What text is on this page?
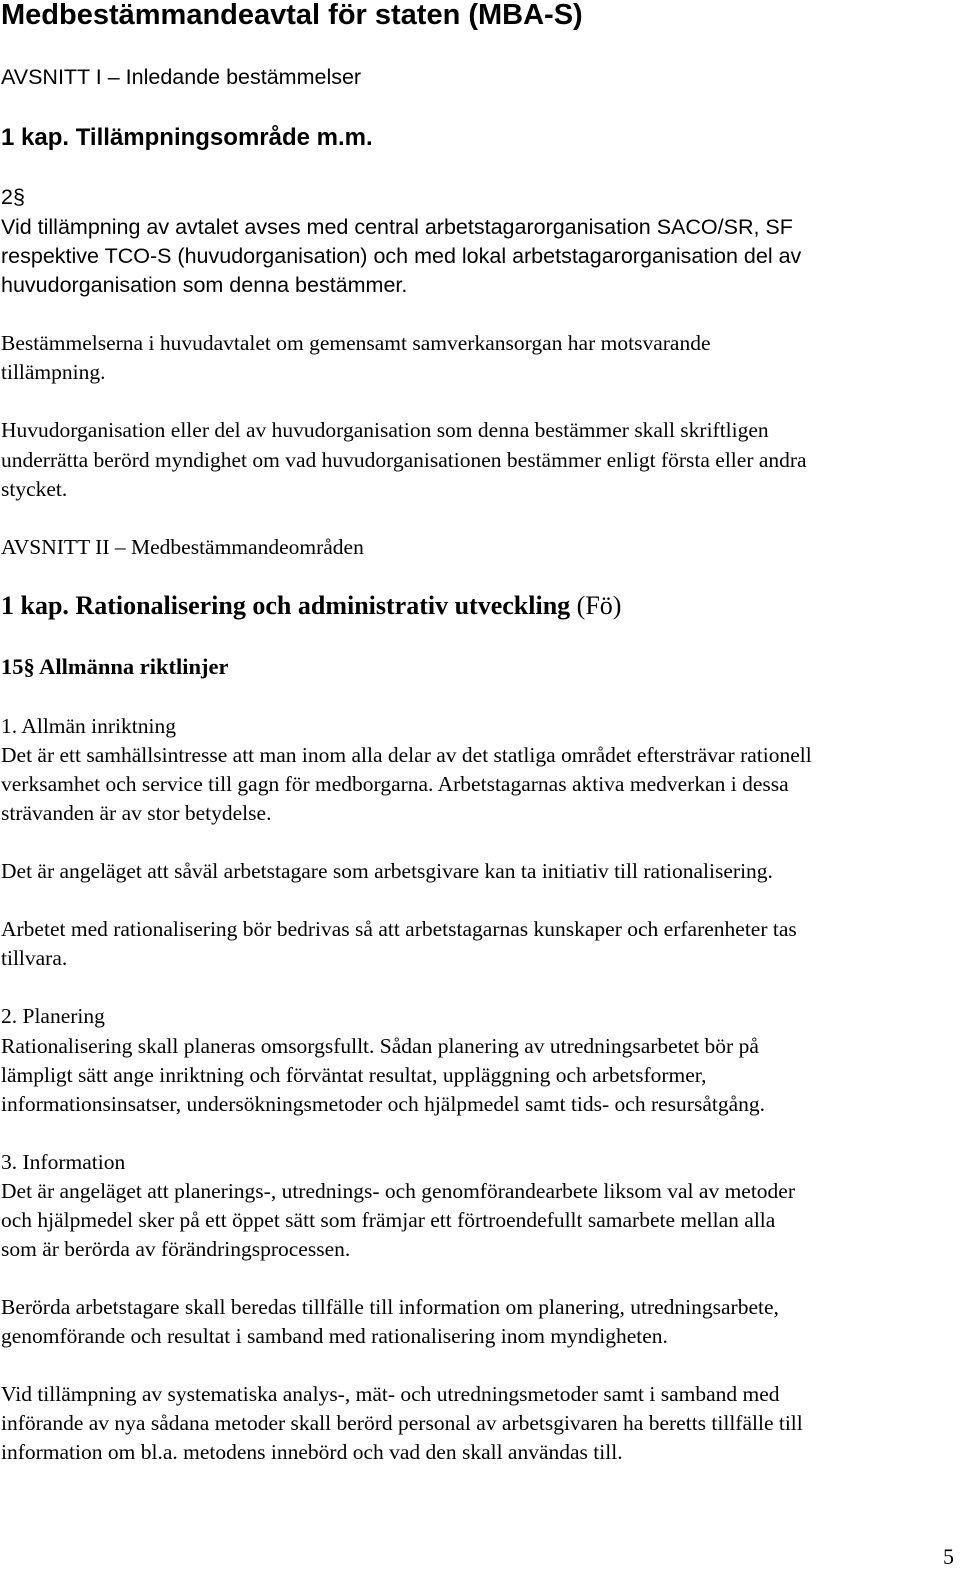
Medbestämmandeavtal för staten (MBA-S)
AVSNITT I – Inledande bestämmelser
1 kap. Tillämpningsområde m.m.
2§
Vid tillämpning av avtalet avses med central arbetstagarorganisation SACO/SR, SF
respektive TCO-S (huvudorganisation) och med lokal arbetstagarorganisation del av
huvudorganisation som denna bestämmer.
Bestämmelserna i huvudavtalet om gemensamt samverkansorgan har motsvarande
tillämpning.
Huvudorganisation eller del av huvudorganisation som denna bestämmer skall skriftligen
underrätta berörd myndighet om vad huvudorganisationen bestämmer enligt första eller andra
stycket.
AVSNITT II – Medbestämmandeområden
1 kap. Rationalisering och administrativ utveckling (Fö)
15§ Allmänna riktlinjer
1. Allmän inriktning
Det är ett samhällsintresse att man inom alla delar av det statliga området eftersträvar rationell
verksamhet och service till gagn för medborgarna. Arbetstagarnas aktiva medverkan i dessa
strävanden är av stor betydelse.
Det är angeläget att såväl arbetstagare som arbetsgivare kan ta initiativ till rationalisering.
Arbetet med rationalisering bör bedrivas så att arbetstagarnas kunskaper och erfarenheter tas
tillvara.
2. Planering
Rationalisering skall planeras omsorgsfullt. Sådan planering av utredningsarbetet bör på
lämpligt sätt ange inriktning och förväntat resultat, uppläggning och arbetsformer,
informationsinsatser, undersökningsmetoder och hjälpmedel samt tids- och resursåtgång.
3. Information
Det är angeläget att planerings-, utrednings- och genomförandearbete liksom val av metoder
och hjälpmedel sker på ett öppet sätt som främjar ett förtroendefullt samarbete mellan alla
som är berörda av förändringsprocessen.
Berörda arbetstagare skall beredas tillfälle till information om planering, utredningsarbete,
genomförande och resultat i samband med rationalisering inom myndigheten.
Vid tillämpning av systematiska analys-, mät- och utredningsmetoder samt i samband med
införande av nya sådana metoder skall berörd personal av arbetsgivaren ha beretts tillfälle till
information om bl.a. metodens innebörd och vad den skall användas till.
5
